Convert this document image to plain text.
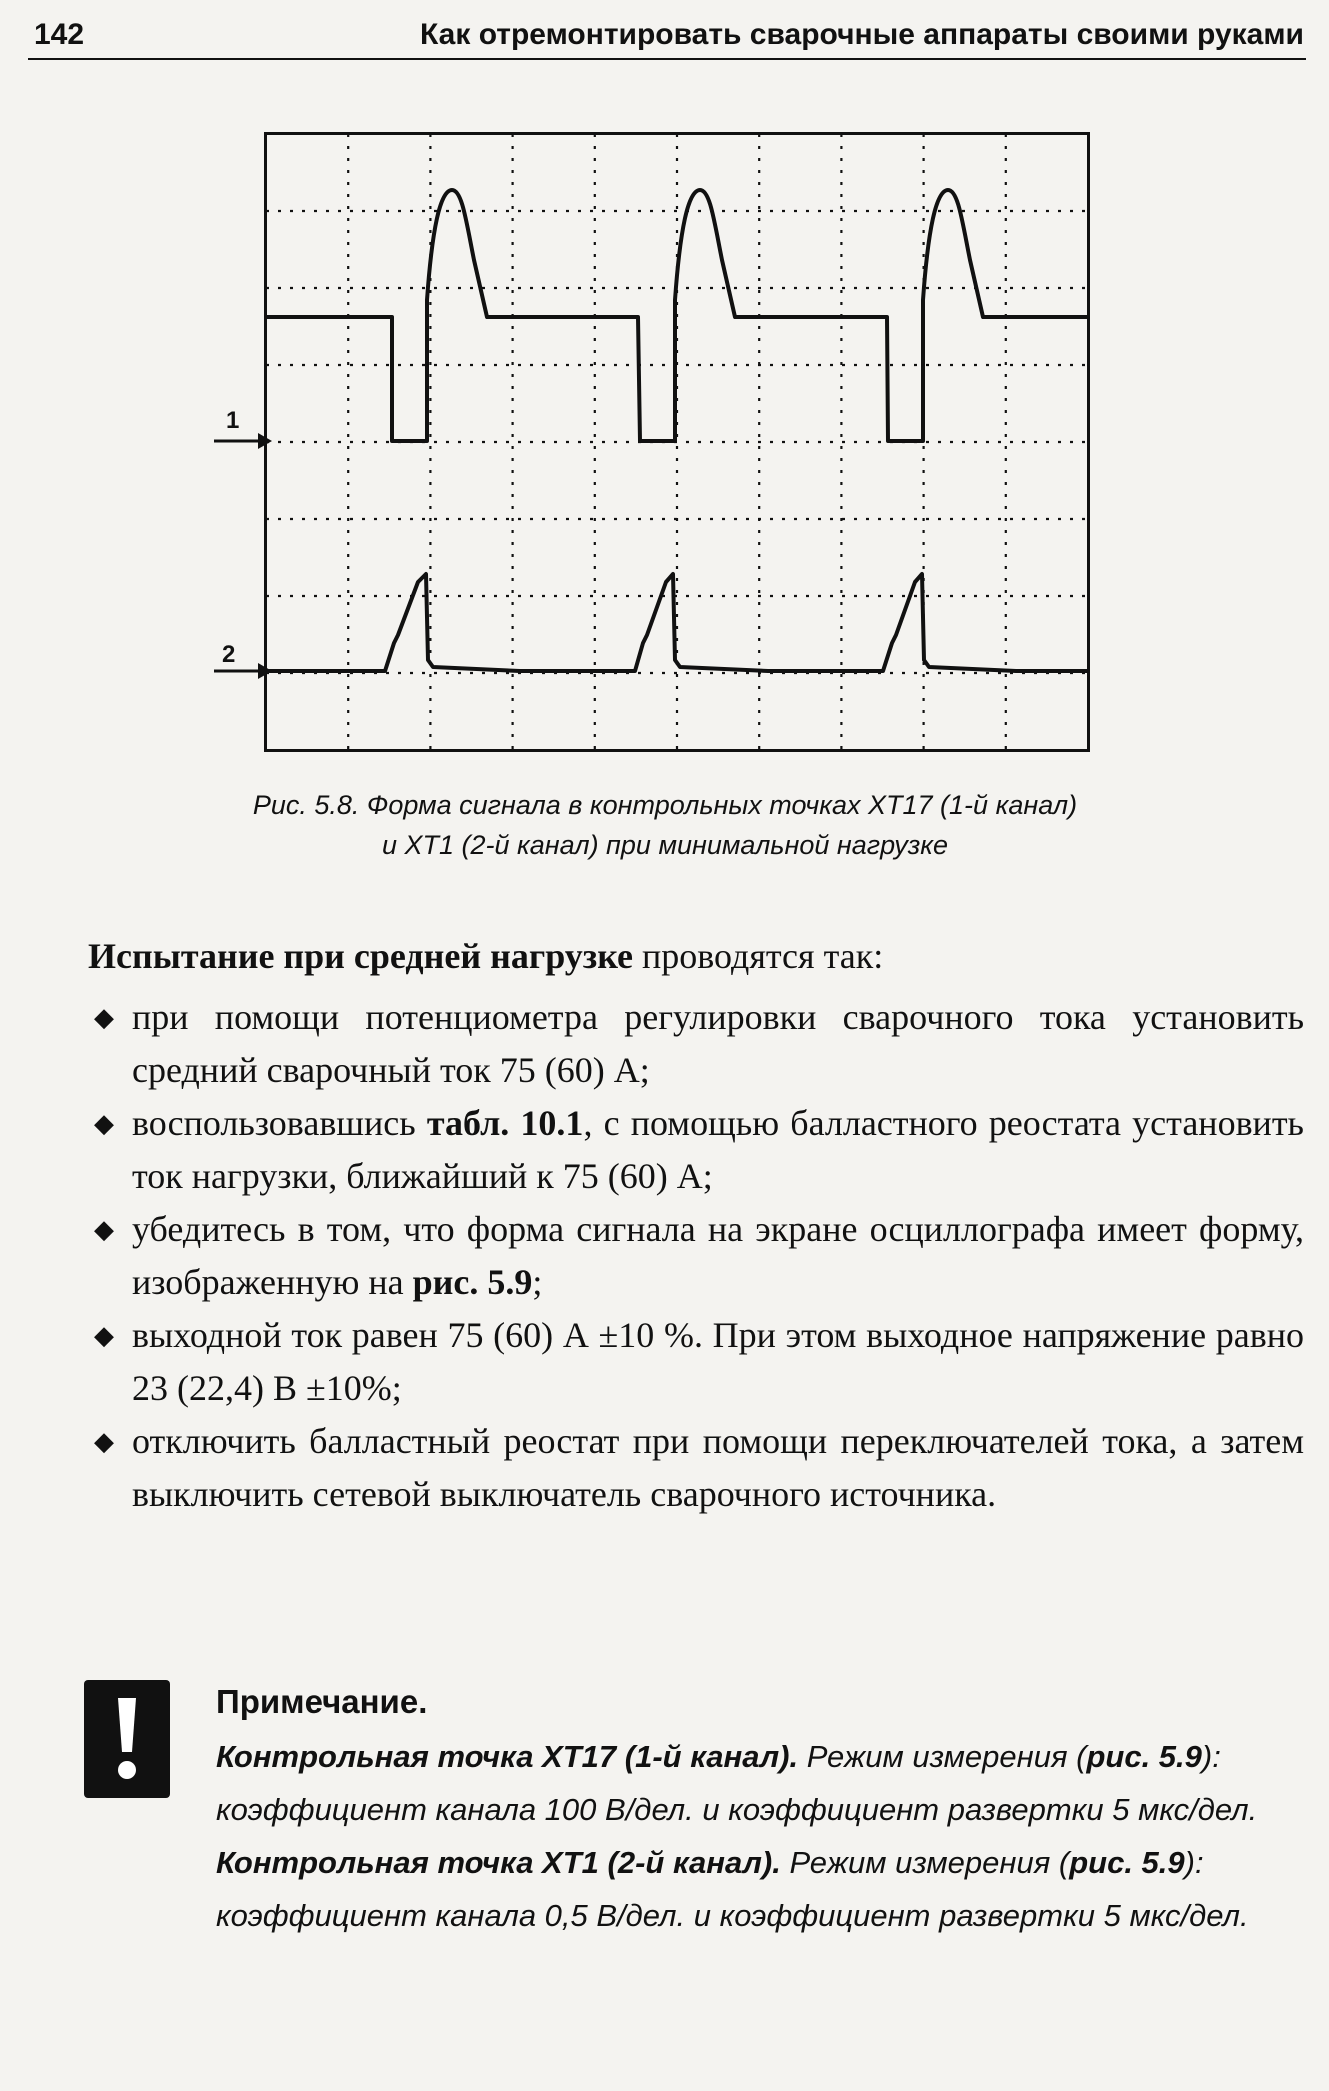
142	Как отремонтировать сварочные аппараты своими руками
1
2
Рис. 5.8. Форма сигнала в контрольных точках XT17 (1-й канал)
и XT1 (2-й канал) при минимальной нагрузке

Испытание при средней нагрузке проводятся так:

◆ при помощи потенциометра регулировки сварочного тока установить средний сварочный ток 75 (60) А;
◆ воспользовавшись табл. 10.1, с помощью балластного реостата установить ток нагрузки, ближайший к 75 (60) А;
◆ убедитесь в том, что форма сигнала на экране осциллографа имеет форму, изображенную на рис. 5.9;
◆ выходной ток равен 75 (60) А ±10 %. При этом выходное напряжение равно 23 (22,4) В ±10%;
◆ отключить балластный реостат при помощи переключателей тока, а затем выключить сетевой выключатель сварочного источника.
Примечание.

Контрольная точка XT17 (1-й канал). Режим измерения (рис. 5.9): коэффициент канала 100 В/дел. и коэффициент развертки 5 мкс/дел.

Контрольная точка XT1 (2-й канал). Режим измерения (рис. 5.9): коэффициент канала 0,5 В/дел. и коэффициент развертки 5 мкс/дел.
